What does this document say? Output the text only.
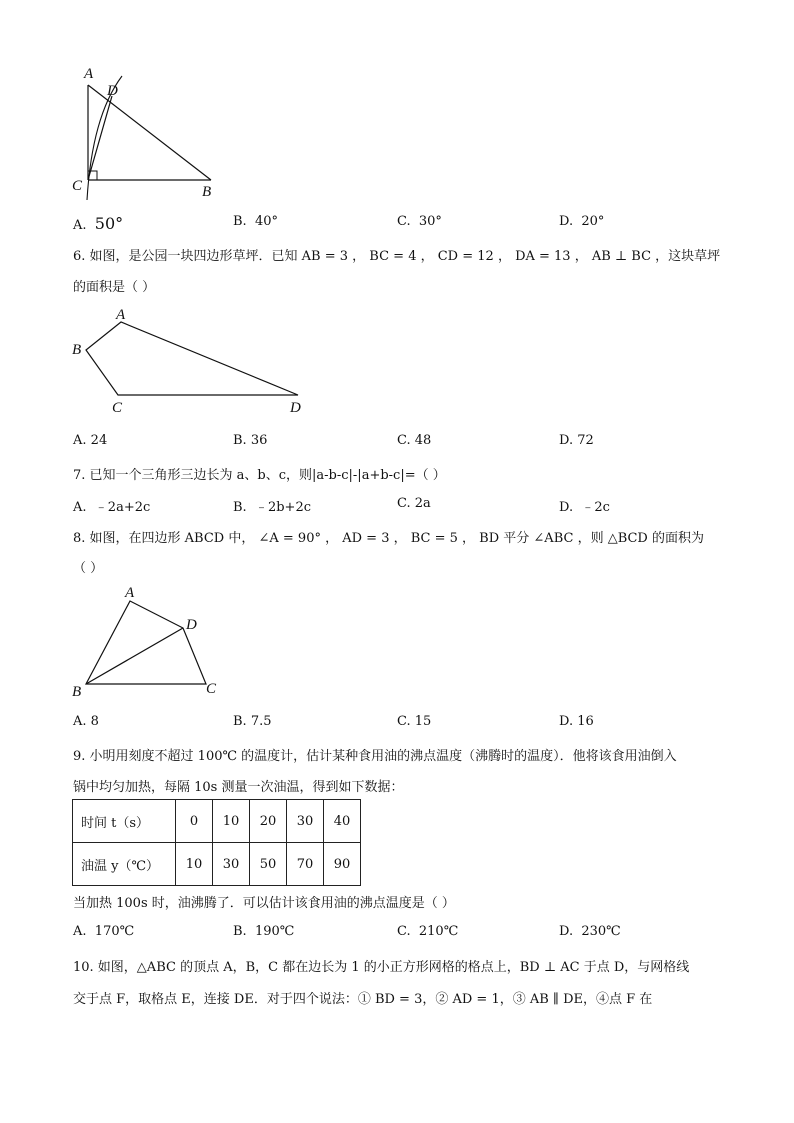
A
D
C	B
A. 50°	B. 40°	C. 30°	D. 20°
6. 如图，是公园一块四边形草坪．已知 AB = 3 ， BC = 4 ， CD = 12 ， DA = 13 ， AB ⊥ BC ，这块草坪
的面积是（ ）
A
B
C	D
A. 24	B. 36	C. 48	D. 72
7. 已知一个三角形三边长为 a、b、c，则|a-b-c|-|a+b-c|=（ ）
A. ﹣2a+2c	B. ﹣2b+2c	C. 2a	D. ﹣2c
8. 如图，在四边形 ABCD 中， ∠A = 90° ， AD = 3 ， BC = 5 ， BD 平分 ∠ABC ，则 △BCD 的面积为
（ ）
A
D
B	C
A. 8	B. 7.5	C. 15	D. 16
9. 小明用刻度不超过 100℃ 的温度计，估计某种食用油的沸点温度（沸腾时的温度）．他将该食用油倒入
锅中均匀加热，每隔 10s 测量一次油温，得到如下数据：
时间 t（s）	0	10	20	30	40
油温 y（℃）	10	30	50	70	90
当加热 100s 时，油沸腾了．可以估计该食用油的沸点温度是（ ）
A. 170℃	B. 190℃	C. 210℃	D. 230℃
10. 如图，△ABC 的顶点 A，B，C 都在边长为 1 的小正方形网格的格点上，BD ⊥ AC 于点 D，与网格线
交于点 F，取格点 E，连接 DE．对于四个说法：① BD = 3，② AD = 1，③ AB ∥ DE，④点 F 在
